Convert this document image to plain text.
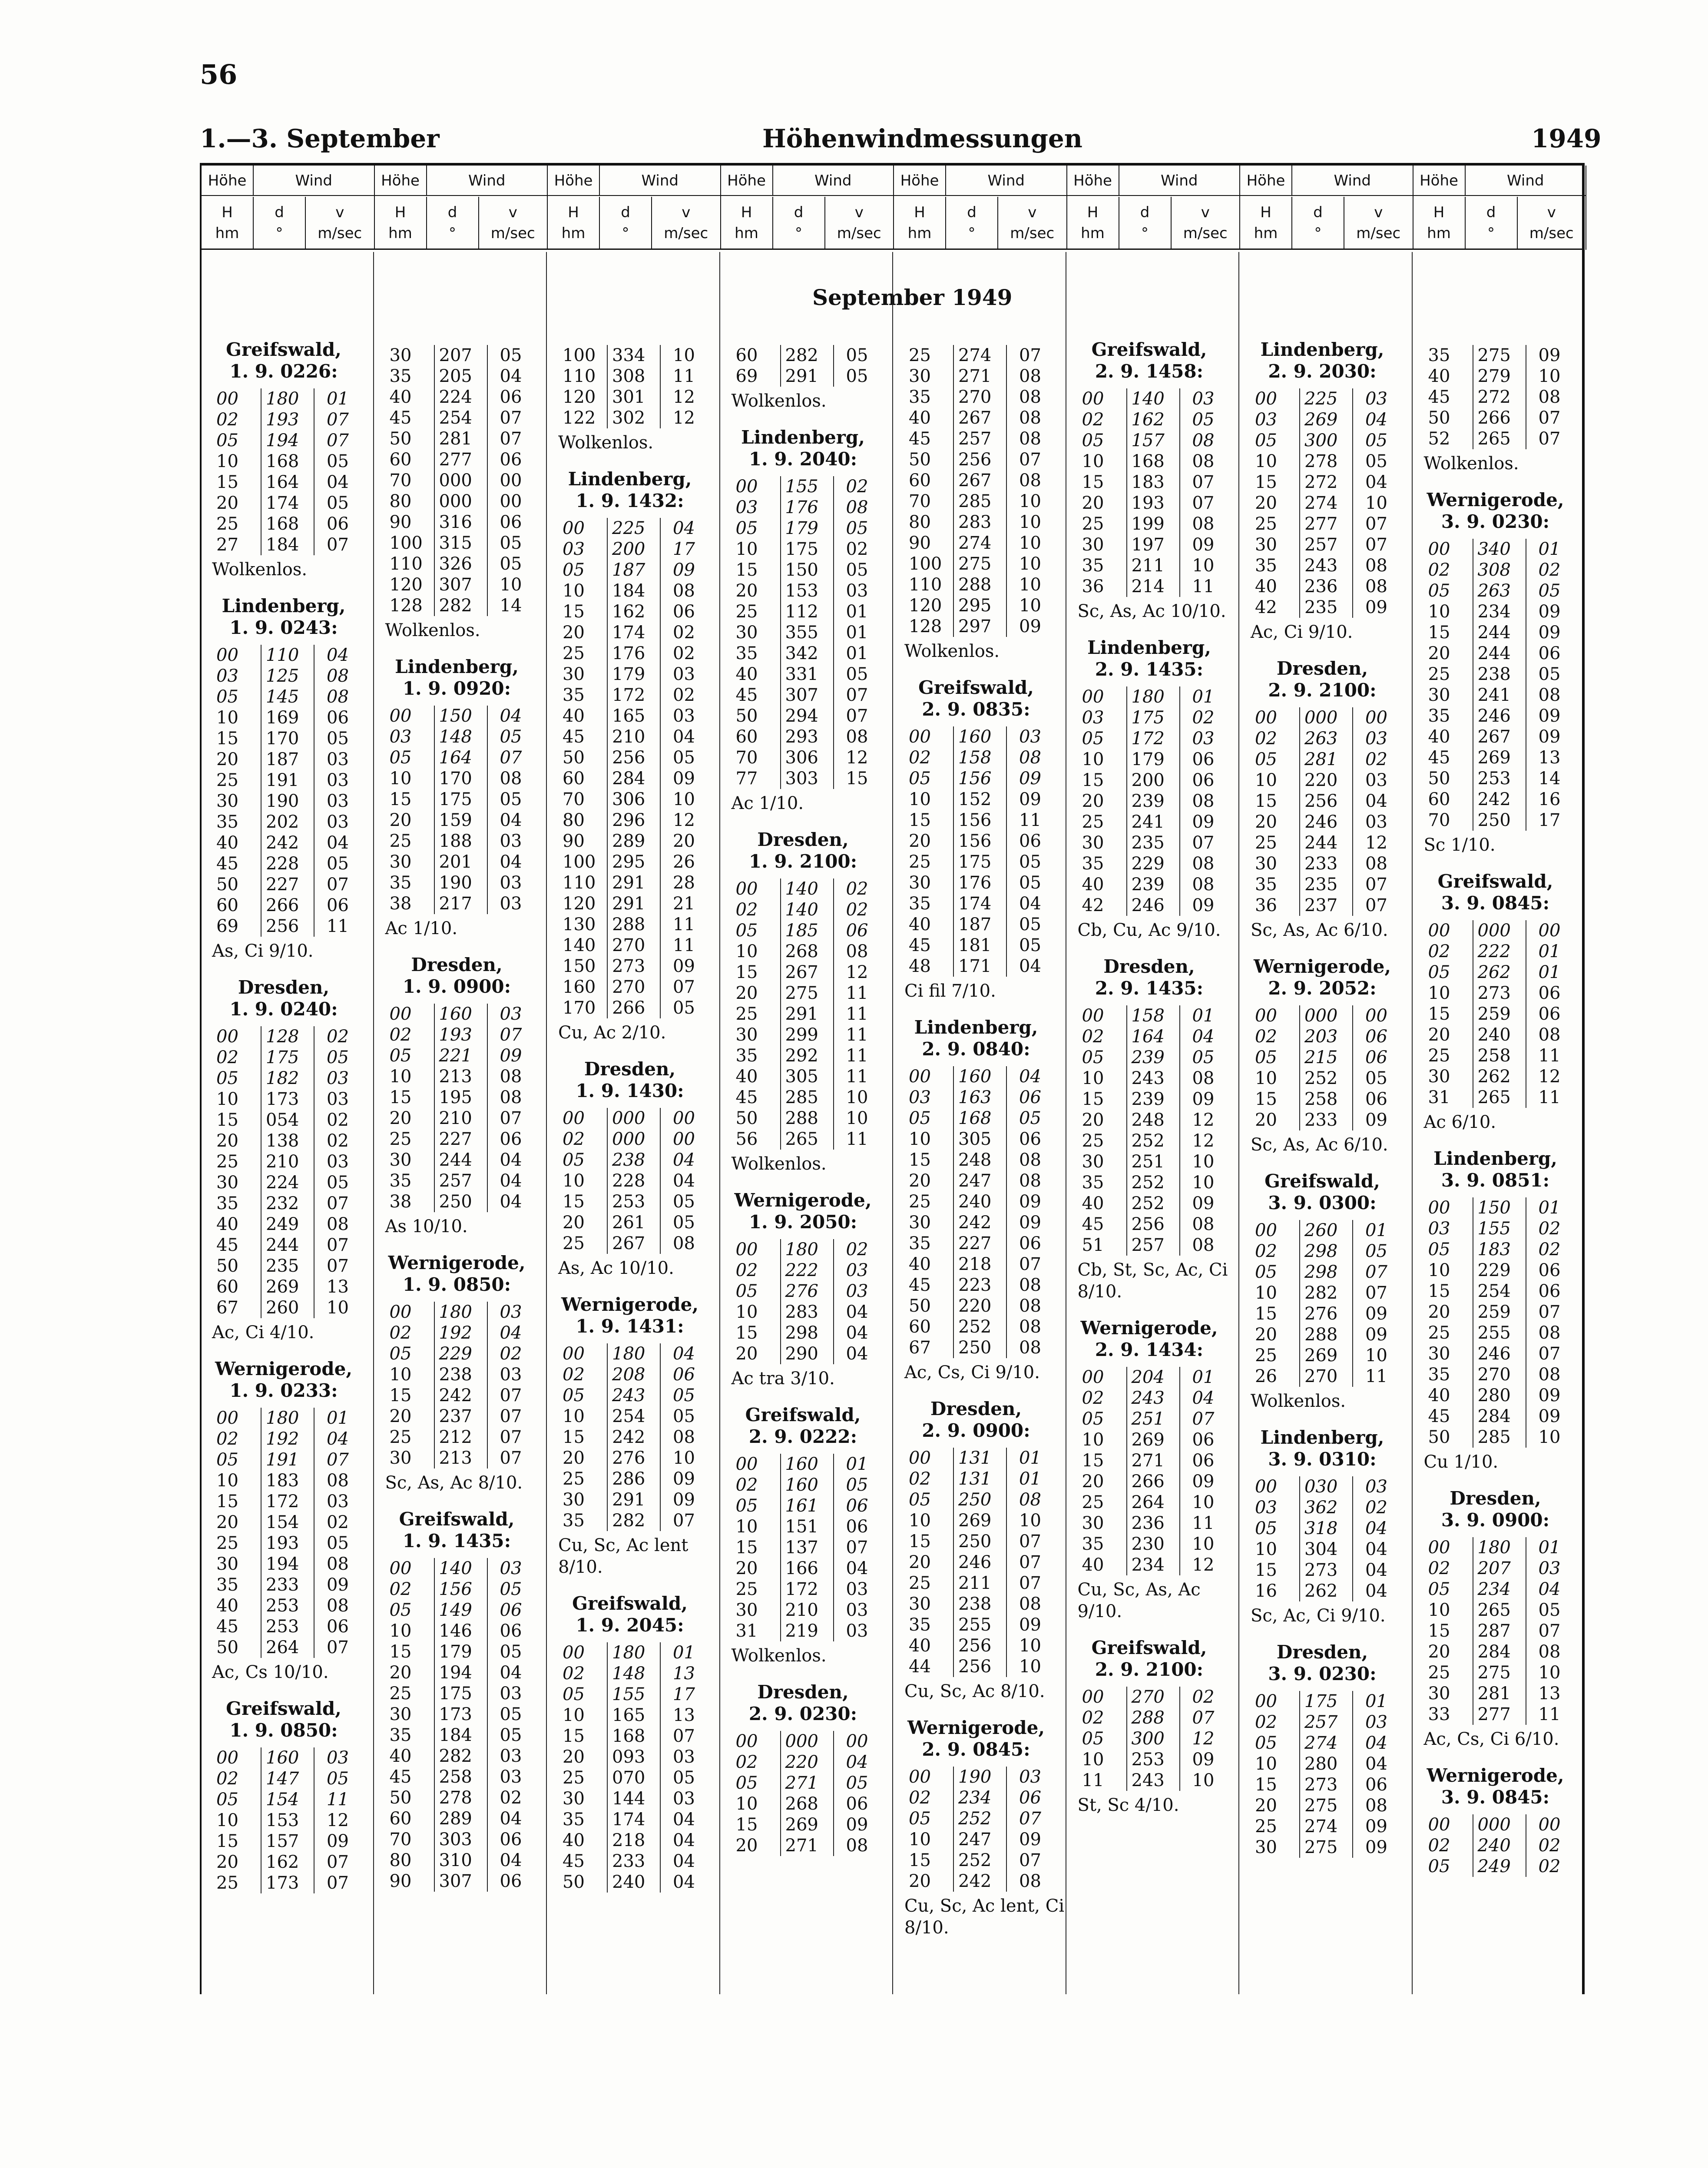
56
1.—3. September	Höhenwindmessungen	1949
Höhe	Wind
H
hm
d
°
v
m/sec
Höhe	Wind
H
hm
d
°
v
m/sec
Höhe	Wind
H
hm
d
°
v
m/sec
Höhe	Wind
H
hm
d
°
v
m/sec
Höhe	Wind
H
hm
d
°
v
m/sec
Höhe	Wind
H
hm
d
°
v
m/sec
Höhe	Wind
H
hm
d
°
v
m/sec
Höhe	Wind
H
hm
d
°
v
m/sec
September 1949
Greifswald,
1. 9. 0226:
00	180	01
02	193	07
05	194	07
10	168	05
15	164	04
20	174	05
25	168	06
27	184	07
Wolkenlos.
Lindenberg,
1. 9. 0243:
00	110	04
03	125	08
05	145	08
10	169	06
15	170	05
20	187	03
25	191	03
30	190	03
35	202	03
40	242	04
45	228	05
50	227	07
60	266	06
69	256	11
As, Ci 9/10.
Dresden,
1. 9. 0240:
00	128	02
02	175	05
05	182	03
10	173	03
15	054	02
20	138	02
25	210	03
30	224	05
35	232	07
40	249	08
45	244	07
50	235	07
60	269	13
67	260	10
Ac, Ci 4/10.
Wernigerode,
1. 9. 0233:
00	180	01
02	192	04
05	191	07
10	183	08
15	172	03
20	154	02
25	193	05
30	194	08
35	233	09
40	253	08
45	253	06
50	264	07
Ac, Cs 10/10.
Greifswald,
1. 9. 0850:
00	160	03
02	147	05
05	154	11
10	153	12
15	157	09
20	162	07
25	173	07
30	207	05
35	205	04
40	224	06
45	254	07
50	281	07
60	277	06
70	000	00
80	000	00
90	316	06
100 315	05
110 326	05
120 307	10
128 282	14
Wolkenlos.
Lindenberg,
1. 9. 0920:
00	150	04
03	148	05
05	164	07
10	170	08
15	175	05
20	159	04
25	188	03
30	201	04
35	190	03
38	217	03
Ac 1/10.
Dresden,
1. 9. 0900:
00	160	03
02	193	07
05	221	09
10	213	08
15	195	08
20	210	07
25	227	06
30	244	04
35	257	04
38	250	04
As 10/10.
Wernigerode,
1. 9. 0850:
00	180	03
02	192	04
05	229	02
10	238	03
15	242	07
20	237	07
25	212	07
30	213	07
Sc, As, Ac 8/10.
Greifswald,
1. 9. 1435:
00	140	03
02	156	05
05	149	06
10	146	06
15	179	05
20	194	04
25	175	03
30	173	05
35	184	05
40	282	03
45	258	03
50	278	02
60	289	04
70	303	06
80	310	04
90	307	06
100 334	10
110 308	11
120 301	12
122 302	12
Wolkenlos.
Lindenberg,
1. 9. 1432:
00	225	04
03	200	17
05	187	09
10	184	08
15	162	06
20	174	02
25	176	02
30	179	03
35	172	02
40	165	03
45	210	04
50	256	05
60	284	09
70	306	10
80	296	12
90	289	20
100 295	26
110 291	28
120 291	21
130 288	11
140 270	11
150 273	09
160 270	07
170 266	05
Cu, Ac 2/10.
Dresden,
1. 9. 1430:
00	000	00
02	000	00
05	238	04
10	228	04
15	253	05
20	261	05
25	267	08
As, Ac 10/10.
Wernigerode,
1. 9. 1431:
00	180	04
02	208	06
05	243	05
10	254	05
15	242	08
20	276	10
25	286	09
30	291	09
35	282	07
Cu, Sc, Ac lent 8/10.
Greifswald,
1. 9. 2045:
00	180	01
02	148	13
05	155	17
10	165	13
15	168	07
20	093	03
25	070	05
30	144	03
35	174	04
40	218	04
45	233	04
50	240	04
60	282	05
69	291	05
Wolkenlos.
Lindenberg,
1. 9. 2040:
00	155	02
03	176	08
05	179	05
10	175	02
15	150	05
20	153	03
25	112	01
30	355	01
35	342	01
40	331	05
45	307	07
50	294	07
60	293	08
70	306	12
77	303	15
Ac 1/10.
Dresden,
1. 9. 2100:
00	140	02
02	140	02
05	185	06
10	268	08
15	267	12
20	275	11
25	291	11
30	299	11
35	292	11
40	305	11
45	285	10
50	288	10
56	265	11
Wolkenlos.
Wernigerode,
1. 9. 2050:
00	180	02
02	222	03
05	276	03
10	283	04
15	298	04
20	290	04
Ac tra 3/10.
Greifswald,
2. 9. 0222:
00	160	01
02	160	05
05	161	06
10	151	06
15	137	07
20	166	04
25	172	03
30	210	03
31	219	03
Wolkenlos.
Dresden,
2. 9. 0230:
00	000	00
02	220	04
05	271	05
10	268	06
15	269	09
20	271	08
25	274	07
30	271	08
35	270	08
40	267	08
45	257	08
50	256	07
60	267	08
70	285	10
80	283	10
90	274	10
100 275	10
110 288	10
120 295	10
128 297	09
Wolkenlos.
Greifswald,
2. 9. 0835:
00	160	03
02	158	08
05	156	09
10	152	09
15	156	11
20	156	06
25	175	05
30	176	05
35	174	04
40	187	05
45	181	05
48	171	04
Ci fil 7/10.
Lindenberg,
2. 9. 0840:
00	160	04
03	163	06
05	168	05
10	305	06
15	248	08
20	247	08
25	240	09
30	242	09
35	227	06
40	218	07
45	223	08
50	220	08
60	252	08
67	250	08
Ac, Cs, Ci 9/10.
Dresden,
2. 9. 0900:
00	131	01
02	131	01
05	250	08
10	269	10
15	250	07
20	246	07
25	211	07
30	238	08
35	255	09
40	256	10
44	256	10
Cu, Sc, Ac 8/10.
Wernigerode,
2. 9. 0845:
00	190	03
02	234	06
05	252	07
10	247	09
15	252	07
20	242	08
Cu, Sc, Ac lent, Ci 8/10.
Greifswald,
2. 9. 1458:
00	140	03
02	162	05
05	157	08
10	168	08
15	183	07
20	193	07
25	199	08
30	197	09
35	211	10
36	214	11
Sc, As, Ac 10/10.
Lindenberg,
2. 9. 1435:
00	180	01
03	175	02
05	172	03
10	179	06
15	200	06
20	239	08
25	241	09
30	235	07
35	229	08
40	239	08
42	246	09
Cb, Cu, Ac 9/10.
Dresden,
2. 9. 1435:
00	158	01
02	164	04
05	239	05
10	243	08
15	239	09
20	248	12
25	252	12
30	251	10
35	252	10
40	252	09
45	256	08
51	257	08
Cb, St, Sc, Ac, Ci 8/10.
Wernigerode,
2. 9. 1434:
00	204	01
02	243	04
05	251	07
10	269	06
15	271	06
20	266	09
25	264	10
30	236	11
35	230	10
40	234	12
Cu, Sc, As, Ac 9/10.
Greifswald,
2. 9. 2100:
00	270	02
02	288	07
05	300	12
10	253	09
11	243	10
St, Sc 4/10.
Lindenberg,
2. 9. 2030:
00	225	03
03	269	04
05	300	05
10	278	05
15	272	04
20	274	10
25	277	07
30	257	07
35	243	08
40	236	08
42	235	09
Ac, Ci 9/10.
Dresden,
2. 9. 2100:
00	000	00
02	263	03
05	281	02
10	220	03
15	256	04
20	246	03
25	244	12
30	233	08
35	235	07
36	237	07
Sc, As, Ac 6/10.
Wernigerode,
2. 9. 2052:
00	000	00
02	203	06
05	215	06
10	252	05
15	258	06
20	233	09
Sc, As, Ac 6/10.
Greifswald,
3. 9. 0300:
00	260	01
02	298	05
05	298	07
10	282	07
15	276	09
20	288	09
25	269	10
26	270	11
Wolkenlos.
Lindenberg,
3. 9. 0310:
00	030	03
03	362	02
05	318	04
10	304	04
15	273	04
16	262	04
Sc, Ac, Ci 9/10.
Dresden,
3. 9. 0230:
00	175	01
02	257	03
05	274	04
10	280	04
15	273	06
20	275	08
25	274	09
30	275	09
35	275	09
40	279	10
45	272	08
50	266	07
52	265	07
Wolkenlos.
Wernigerode,
3. 9. 0230:
00	340	01
02	308	02
05	263	05
10	234	09
15	244	09
20	244	06
25	238	05
30	241	08
35	246	09
40	267	09
45	269	13
50	253	14
60	242	16
70	250	17
Sc 1/10.
Greifswald,
3. 9. 0845:
00	000	00
02	222	01
05	262	01
10	273	06
15	259	06
20	240	08
25	258	11
30	262	12
31	265	11
Ac 6/10.
Lindenberg,
3. 9. 0851:
00	150	01
03	155	02
05	183	02
10	229	06
15	254	06
20	259	07
25	255	08
30	246	07
35	270	08
40	280	09
45	284	09
50	285	10
Cu 1/10.
Dresden,
3. 9. 0900:
00	180	01
02	207	03
05	234	04
10	265	05
15	287	07
20	284	08
25	275	10
30	281	13
33	277	11
Ac, Cs, Ci 6/10.
Wernigerode,
3. 9. 0845:
00	000	00
02	240	02
05	249	02
